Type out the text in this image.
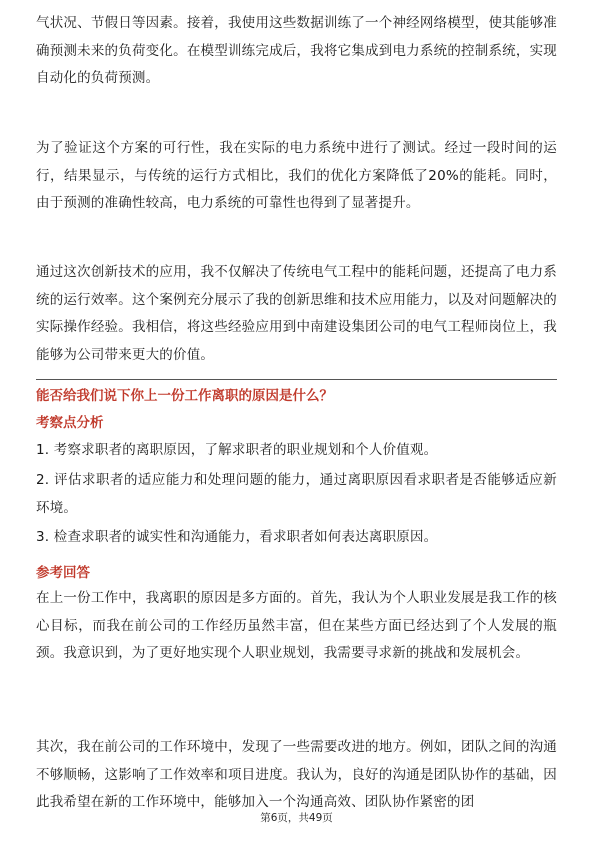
气状况、节假日等因素。接着，我使用这些数据训练了一个神经网络模型，使其能够准确预测未来的负荷变化。在模型训练完成后，我将它集成到电力系统的控制系统，实现自动化的负荷预测。

为了验证这个方案的可行性，我在实际的电力系统中进行了测试。经过一段时间的运行，结果显示，与传统的运行方式相比，我们的优化方案降低了20%的能耗。同时，由于预测的准确性较高，电力系统的可靠性也得到了显著提升。

通过这次创新技术的应用，我不仅解决了传统电气工程中的能耗问题，还提高了电力系统的运行效率。这个案例充分展示了我的创新思维和技术应用能力，以及对问题解决的实际操作经验。我相信，将这些经验应用到中南建设集团公司的电气工程师岗位上，我能够为公司带来更大的价值。

能否给我们说下你上一份工作离职的原因是什么？
考察点分析

1. 考察求职者的离职原因，了解求职者的职业规划和个人价值观。

2. 评估求职者的适应能力和处理问题的能力，通过离职原因看求职者是否能够适应新环境。

3. 检查求职者的诚实性和沟通能力，看求职者如何表达离职原因。

参考回答

在上一份工作中，我离职的原因是多方面的。首先，我认为个人职业发展是我工作的核心目标，而我在前公司的工作经历虽然丰富，但在某些方面已经达到了个人发展的瓶颈。我意识到，为了更好地实现个人职业规划，我需要寻求新的挑战和发展机会。

其次，我在前公司的工作环境中，发现了一些需要改进的地方。例如，团队之间的沟通不够顺畅，这影响了工作效率和项目进度。我认为，良好的沟通是团队协作的基础，因此我希望在新的工作环境中，能够加入一个沟通高效、团队协作紧密的团

第6页，共49页
